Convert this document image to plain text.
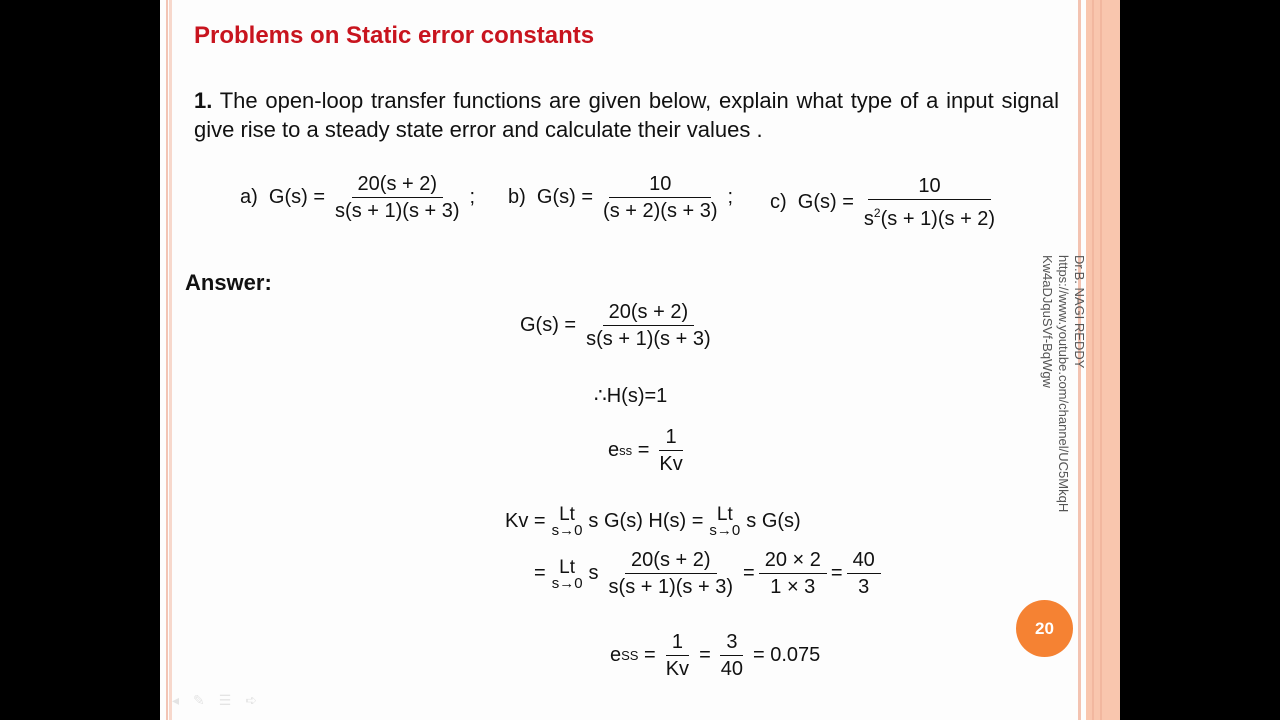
Problems on Static error constants
1. The open-loop transfer functions are given below, explain what type of a input signal give rise to a steady state error and calculate their values .
a)
$G(s) = \frac{20(s + 2)}{s(s + 1)(s + 3)}$ ; b)
$G(s) = \frac{10}{(s + 2)(s + 3)}$ ; c)
$G(s) = \frac{10}{s^2(s + 1)(s + 2)}$
Answer:
$G(s) = \frac{20(s + 2)}{s(s + 1)(s + 3)}$
∴H(s)=1
e ss
= $\frac{1}{Kv}$
Kv = Lt
s→0 s G(s) H(s) = Lt
s→0 s G(s)
= Lt
s→0 s $\frac{20(s + 2)}{s(s + 1)(s + 3)} = \frac{20 \times 2}{1 \times 3} = \frac{40}{3}$
e SS
= $\frac{1}{Kv} = \frac{3}{40} = 0.075$
20
◂ ✎ ☰ ➪
Dr.B. NAGI REDDY
https://www.youtube.com/channel/UC5MkqH
Kw4aDJquSVf-BqWgw
